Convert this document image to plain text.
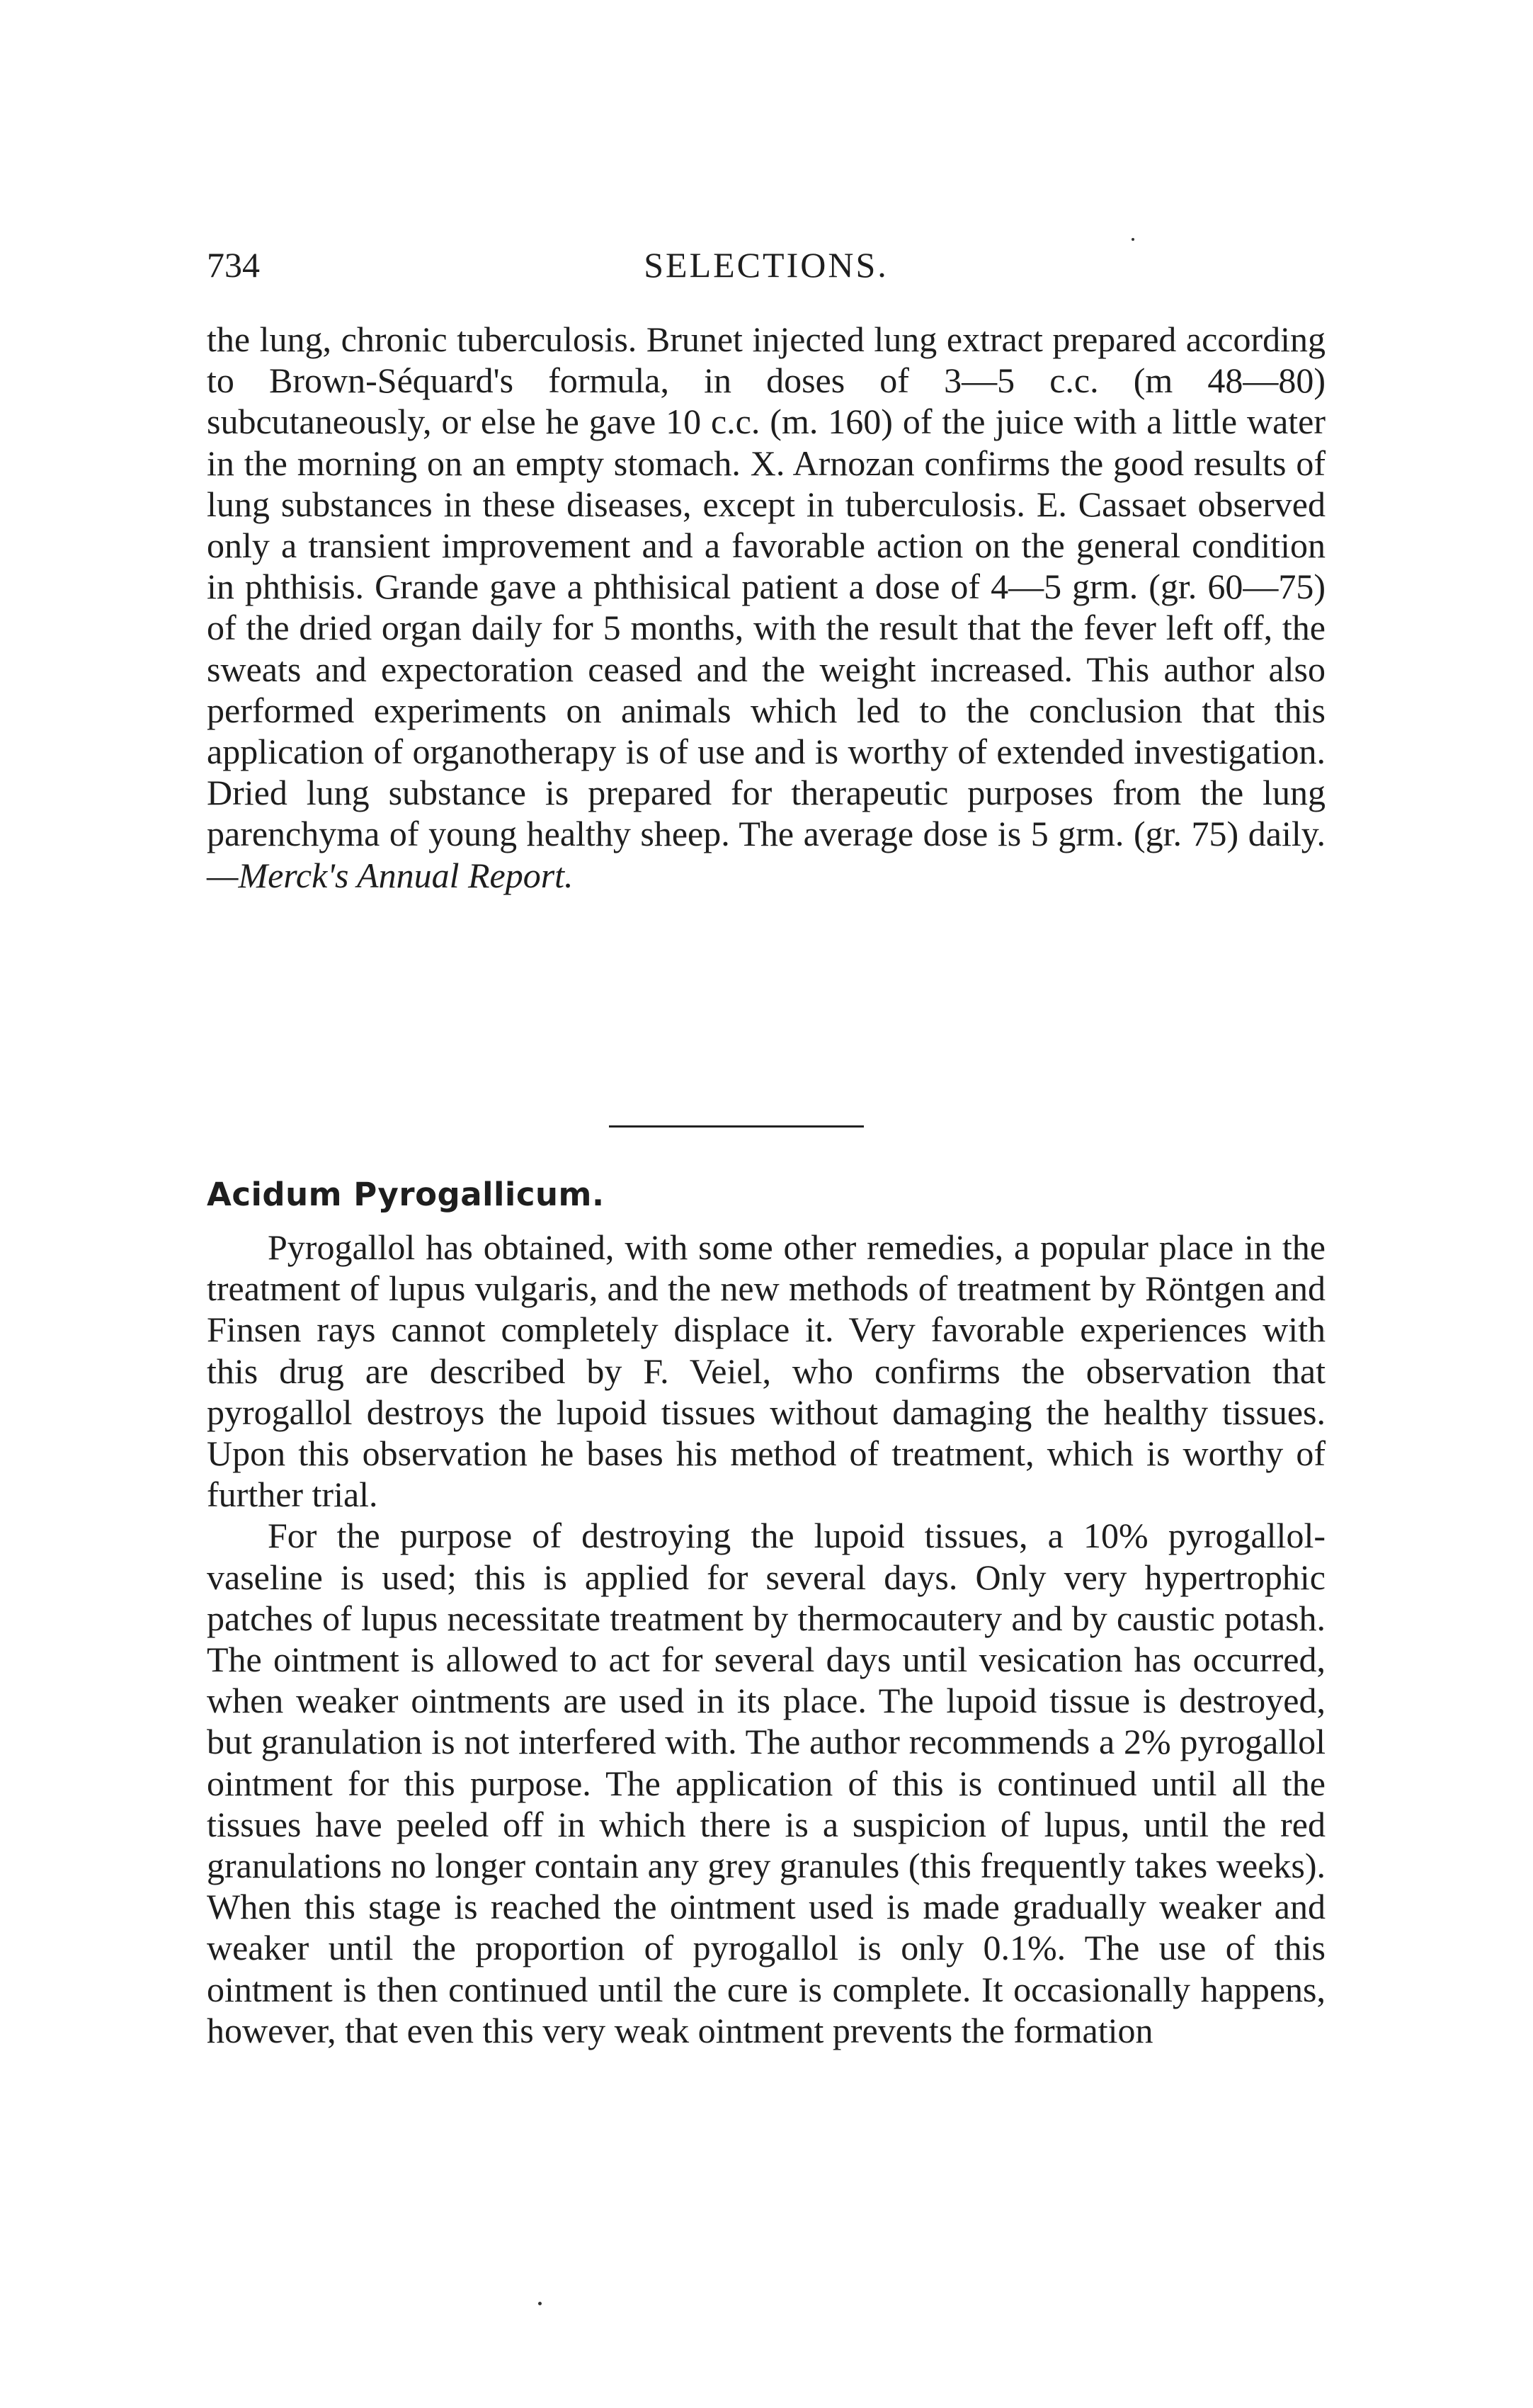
734	SELECTIONS.

the lung, chronic tuberculosis. Brunet injected lung extract prepared according to Brown-Séquard's formula, in doses of 3—5 c.c. (m 48—80) subcutaneously, or else he gave 10 c.c. (m. 160) of the juice with a little water in the morning on an empty stomach. X. Arnozan confirms the good results of lung substances in these diseases, except in tuberculosis. E. Cassaet observed only a transient improvement and a favorable action on the general condition in phthisis. Grande gave a phthisical patient a dose of 4—5 grm. (gr. 60—75) of the dried organ daily for 5 months, with the result that the fever left off, the sweats and expectoration ceased and the weight increased. This author also performed experiments on animals which led to the conclusion that this application of organotherapy is of use and is worthy of extended investigation. Dried lung substance is prepared for therapeutic purposes from the lung parenchyma of young healthy sheep. The average dose is 5 grm. (gr. 75) daily.—Merck's Annual Report.

Acidum Pyrogallicum.

Pyrogallol has obtained, with some other remedies, a popular place in the treatment of lupus vulgaris, and the new methods of treatment by Röntgen and Finsen rays cannot completely displace it. Very favorable experiences with this drug are described by F. Veiel, who confirms the observation that pyrogallol destroys the lupoid tissues without damaging the healthy tissues. Upon this observation he bases his method of treatment, which is worthy of further trial.

For the purpose of destroying the lupoid tissues, a 10% pyrogallol-vaseline is used; this is applied for several days. Only very hypertrophic patches of lupus necessitate treatment by thermocautery and by caustic potash. The ointment is allowed to act for several days until vesication has occurred, when weaker ointments are used in its place. The lupoid tissue is destroyed, but granulation is not interfered with. The author recommends a 2% pyrogallol ointment for this purpose. The application of this is continued until all the tissues have peeled off in which there is a suspicion of lupus, until the red granulations no longer contain any grey granules (this frequently takes weeks). When this stage is reached the ointment used is made gradually weaker and weaker until the proportion of pyrogallol is only 0.1%. The use of this ointment is then continued until the cure is complete. It occasionally happens, however, that even this very weak ointment prevents the formation
